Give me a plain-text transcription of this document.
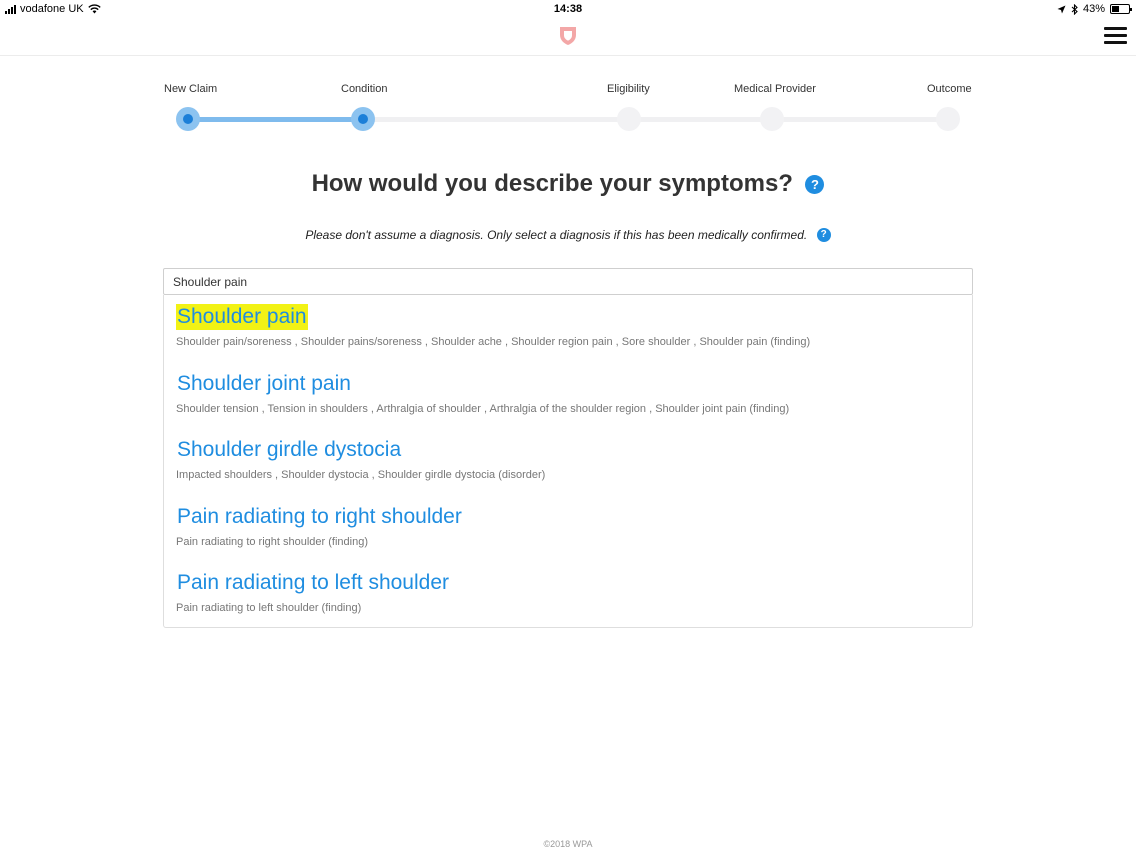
vodafone UK	14:38	43%
New Claim	Condition	Eligibility	Medical Provider	Outcome
How would you describe your symptoms? ?
Please don't assume a diagnosis. Only select a diagnosis if this has been medically confirmed. ?
Shoulder pain
Shoulder pain
Shoulder pain/soreness , Shoulder pains/soreness , Shoulder ache , Shoulder region pain , Sore shoulder , Shoulder pain (finding)
Shoulder joint pain
Shoulder tension , Tension in shoulders , Arthralgia of shoulder , Arthralgia of the shoulder region , Shoulder joint pain (finding)
Shoulder girdle dystocia
Impacted shoulders , Shoulder dystocia , Shoulder girdle dystocia (disorder)
Pain radiating to right shoulder
Pain radiating to right shoulder (finding)
Pain radiating to left shoulder
Pain radiating to left shoulder (finding)
©2018 WPA
